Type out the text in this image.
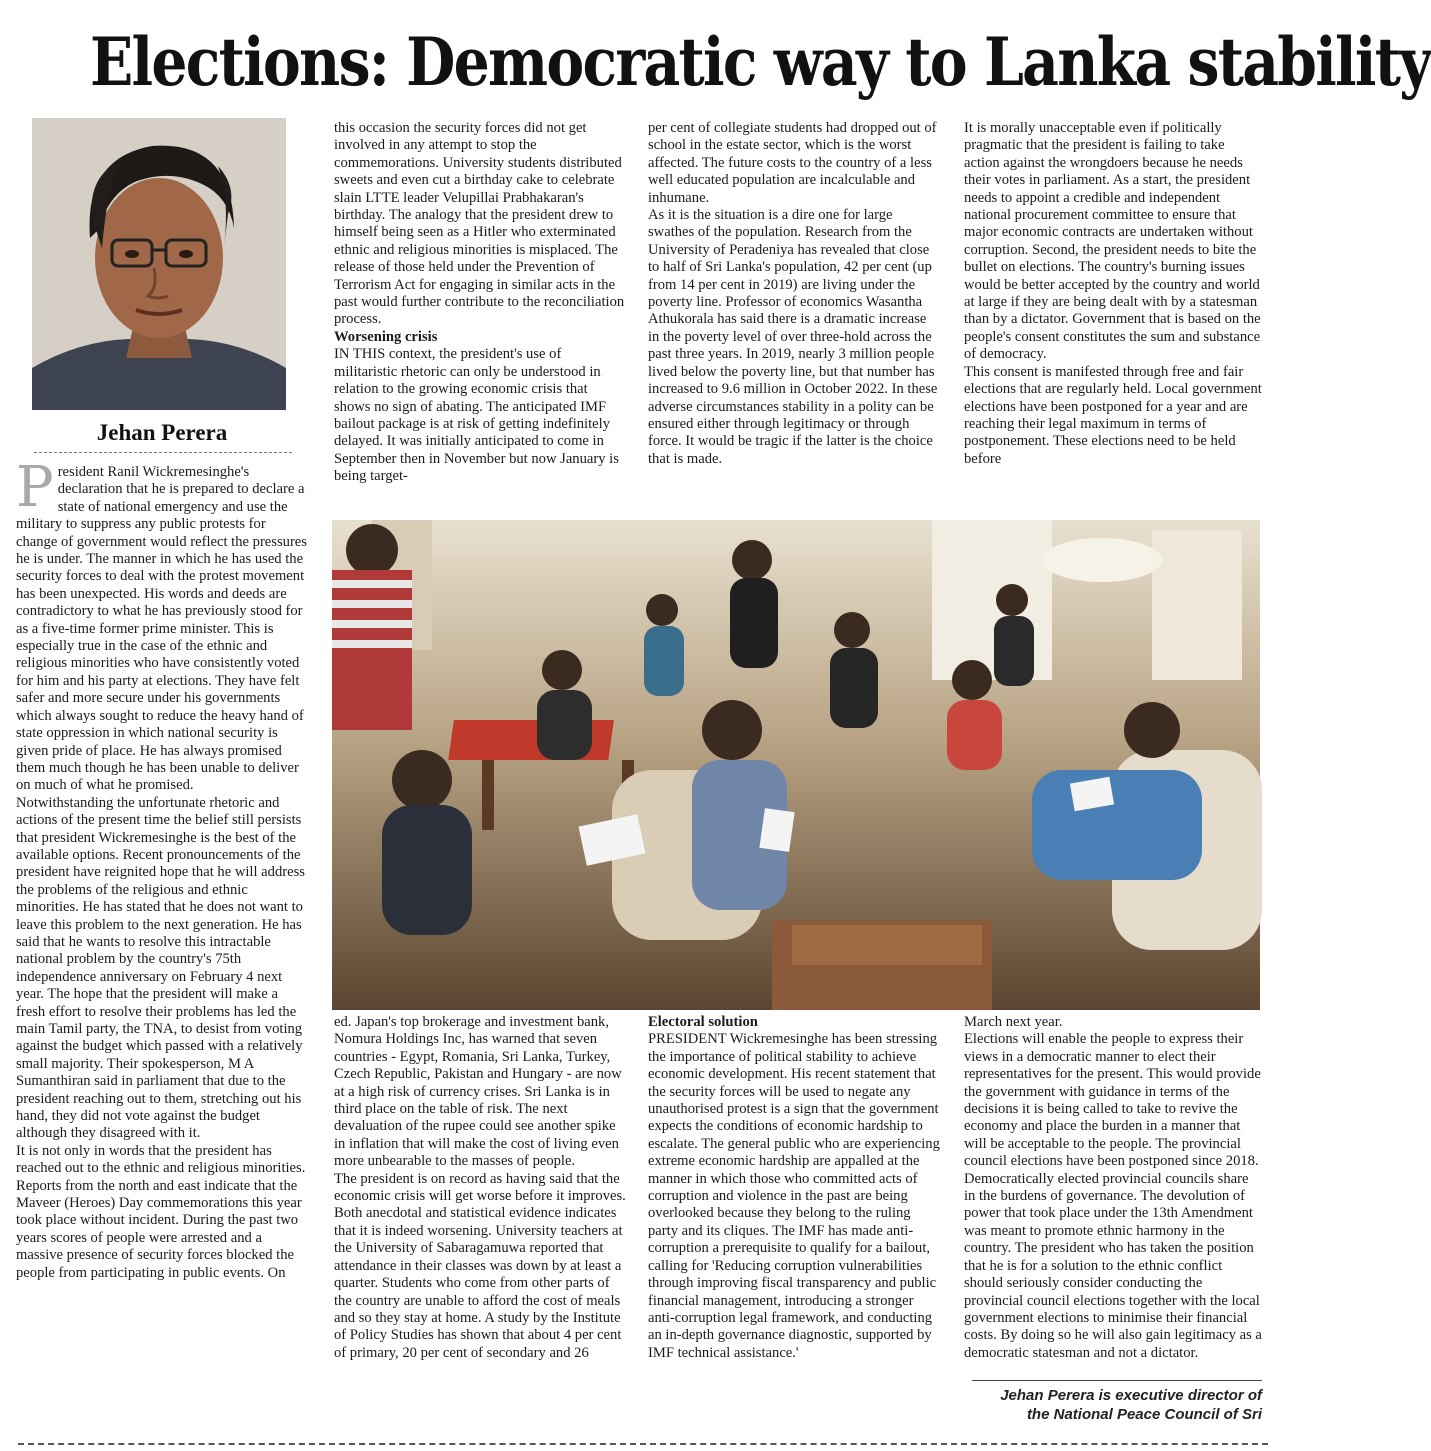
Elections: Democratic way to Lanka stability
Jehan Perera

President Ranil Wickremesinghe's declaration that he is prepared to declare a state of national emergency and use the military to suppress any public protests for change of government would reflect the pressures he is under. The manner in which he has used the security forces to deal with the protest movement has been unexpected. His words and deeds are contradictory to what he has previously stood for as a five-time former prime minister. This is especially true in the case of the ethnic and religious minorities who have consistently voted for him and his party at elections. They have felt safer and more secure under his governments which always sought to reduce the heavy hand of state oppression in which national security is given pride of place. He has always promised them much though he has been unable to deliver on much of what he promised.

Notwithstanding the unfortunate rhetoric and actions of the present time the belief still persists that president Wickremesinghe is the best of the available options. Recent pronouncements of the president have reignited hope that he will address the problems of the religious and ethnic minorities. He has stated that he does not want to leave this problem to the next generation. He has said that he wants to resolve this intractable national problem by the country's 75th independence anniversary on February 4 next year. The hope that the president will make a fresh effort to resolve their problems has led the main Tamil party, the TNA, to desist from voting against the budget which passed with a relatively small majority. Their spokesperson, M A Sumanthiran said in parliament that due to the president reaching out to them, stretching out his hand, they did not vote against the budget although they disagreed with it.

It is not only in words that the president has reached out to the ethnic and religious minorities. Reports from the north and east indicate that the Maveer (Heroes) Day commemorations this year took place without incident. During the past two years scores of people were arrested and a massive presence of security forces blocked the people from participating in public events. On

this occasion the security forces did not get involved in any attempt to stop the commemorations. University students distributed sweets and even cut a birthday cake to celebrate slain LTTE leader Velupillai Prabhakaran's birthday. The analogy that the president drew to himself being seen as a Hitler who exterminated ethnic and religious minorities is misplaced. The release of those held under the Prevention of Terrorism Act for engaging in similar acts in the past would further contribute to the reconciliation process.

Worsening crisis

IN THIS context, the president's use of militaristic rhetoric can only be understood in relation to the growing economic crisis that shows no sign of abating. The anticipated IMF bailout package is at risk of getting indefinitely delayed. It was initially anticipated to come in September then in November but now January is being target-

per cent of collegiate students had dropped out of school in the estate sector, which is the worst affected. The future costs to the country of a less well educated population are incalculable and inhumane.

As it is the situation is a dire one for large swathes of the population. Research from the University of Peradeniya has revealed that close to half of Sri Lanka's population, 42 per cent (up from 14 per cent in 2019) are living under the poverty line. Professor of economics Wasantha Athukorala has said there is a dramatic increase in the poverty level of over three-hold across the past three years. In 2019, nearly 3 million people lived below the poverty line, but that number has increased to 9.6 million in October 2022. In these adverse circumstances stability in a polity can be ensured either through legitimacy or through force. It would be tragic if the latter is the choice that is made.

It is morally unacceptable even if politically pragmatic that the president is failing to take action against the wrongdoers because he needs their votes in parliament. As a start, the president needs to appoint a credible and independent national procurement committee to ensure that major economic contracts are undertaken without corruption. Second, the president needs to bite the bullet on elections. The country's burning issues would be better accepted by the country and world at large if they are being dealt with by a statesman than by a dictator. Government that is based on the people's consent constitutes the sum and substance of democracy.

This consent is manifested through free and fair elections that are regularly held. Local government elections have been postponed for a year and are reaching their legal maximum in terms of postponement. These elections need to be held before

ed. Japan's top brokerage and investment bank, Nomura Holdings Inc, has warned that seven countries - Egypt, Romania, Sri Lanka, Turkey, Czech Republic, Pakistan and Hungary - are now at a high risk of currency crises. Sri Lanka is in third place on the table of risk. The next devaluation of the rupee could see another spike in inflation that will make the cost of living even more unbearable to the masses of people.

The president is on record as having said that the economic crisis will get worse before it improves. Both anecdotal and statistical evidence indicates that it is indeed worsening. University teachers at the University of Sabaragamuwa reported that attendance in their classes was down by at least a quarter. Students who come from other parts of the country are unable to afford the cost of meals and so they stay at home. A study by the Institute of Policy Studies has shown that about 4 per cent of primary, 20 per cent of secondary and 26

Electoral solution

PRESIDENT Wickremesinghe has been stressing the importance of political stability to achieve economic development. His recent statement that the security forces will be used to negate any unauthorised protest is a sign that the government expects the conditions of economic hardship to escalate. The general public who are experiencing extreme economic hardship are appalled at the manner in which those who committed acts of corruption and violence in the past are being overlooked because they belong to the ruling party and its cliques. The IMF has made anti-corruption a prerequisite to qualify for a bailout, calling for 'Reducing corruption vulnerabilities through improving fiscal transparency and public financial management, introducing a stronger anti-corruption legal framework, and conducting an in-depth governance diagnostic, supported by IMF technical assistance.'

March next year.

Elections will enable the people to express their views in a democratic manner to elect their representatives for the present. This would provide the government with guidance in terms of the decisions it is being called to take to revive the economy and place the burden in a manner that will be acceptable to the people. The provincial council elections have been postponed since 2018. Democratically elected provincial councils share in the burdens of governance. The devolution of power that took place under the 13th Amendment was meant to promote ethnic harmony in the country. The president who has taken the position that he is for a solution to the ethnic conflict should seriously consider conducting the provincial council elections together with the local government elections to minimise their financial costs. By doing so he will also gain legitimacy as a democratic statesman and not a dictator.

Jehan Perera is executive director of
the National Peace Council of Sri
